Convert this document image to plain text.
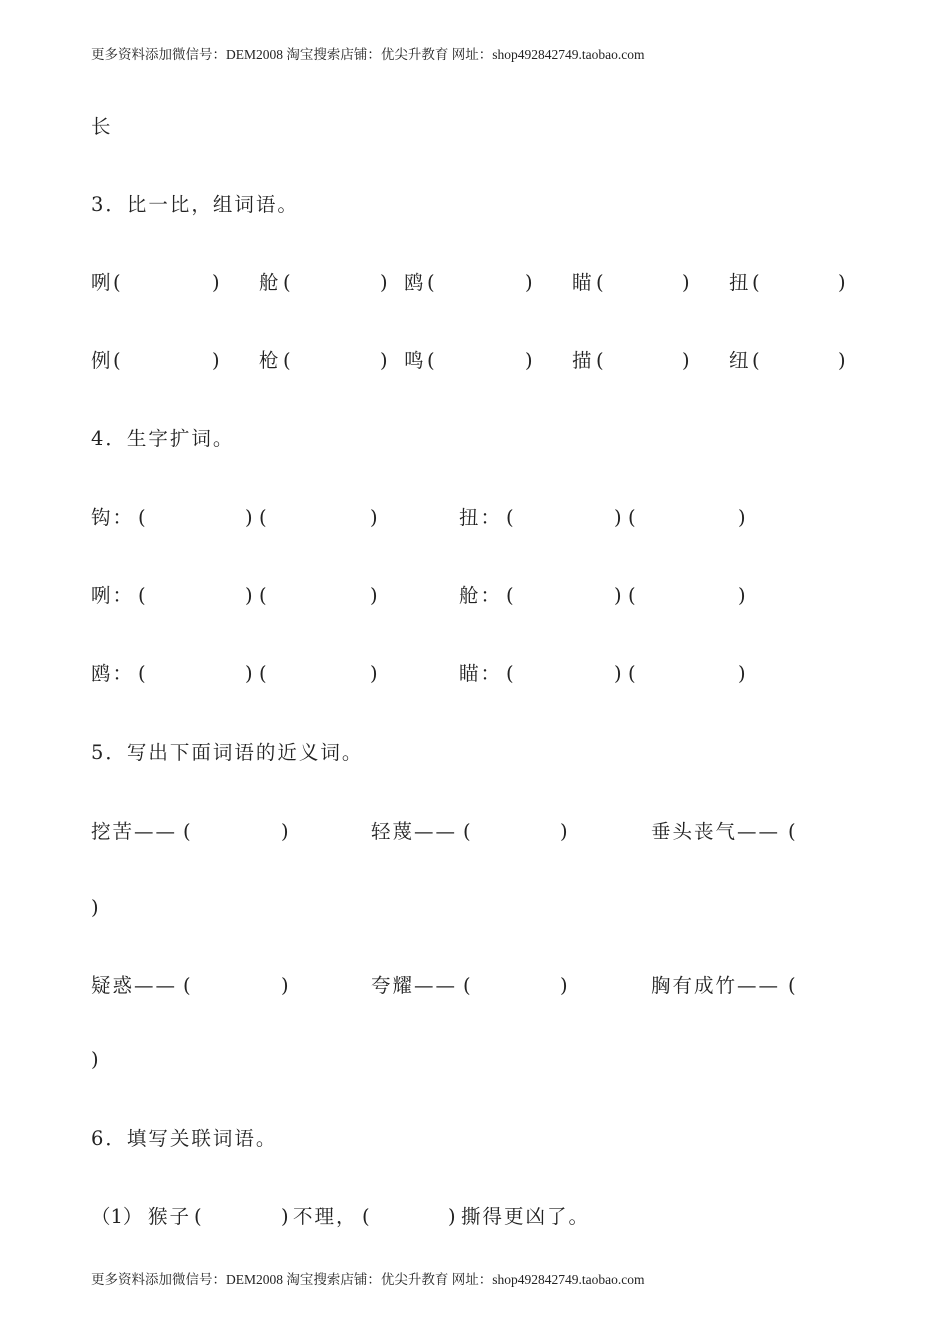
更多资料添加微信号：DEM2008 淘宝搜索店铺：优尖升教育 网址：shop492842749.taobao.com
长
3．比一比，组词语。
咧 (	) 舱 (	) 鸥 (	) 瞄 (	) 扭 (	)
例 (	) 枪 (	) 鸣 (	) 描 (	) 纽 (	)
4．生字扩词。
钩： (	) (	)	扭： (	) (	)
咧： (	) (	)	舱： (	) (	)
鸥： (	) (	)	瞄： (	) (	)
5．写出下面词语的近义词。
挖苦—— (	)	轻蔑—— (	)	垂头丧气—— (
)
疑惑—— (	)	夸耀—— (	)	胸有成竹—— (
)
6．填写关联词语。
（1） 猴子 (	) 不理， (	) 撕得更凶了。
更多资料添加微信号：DEM2008 淘宝搜索店铺：优尖升教育 网址：shop492842749.taobao.com
